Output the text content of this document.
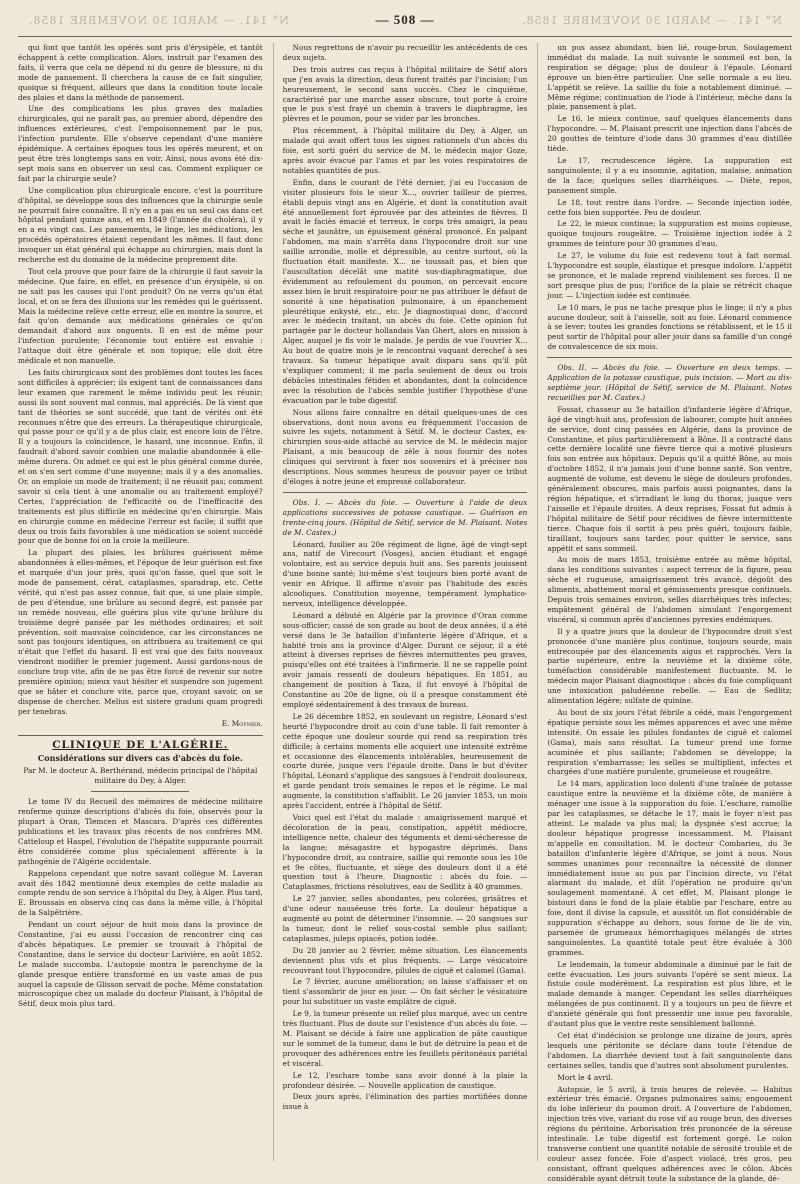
N° 141. — MARDI 30 NOVEMBRE 1858.	— 508 —	N° 141. — MARDI 30 NOVEMBRE 1858.

qui font que tantôt les opérés sont pris d'érysipèle, et tantôt échappent à cette complication. Alors, instruit par l'examen des faits, il verra que cela ne dépend ni du genre de blessure, ni du mode de pansement. Il cherchera la cause de ce fait singulier, quoique si fréquent, ailleurs que dans la condition toute locale des plaies et dans la méthode de pansement.

Une des complications les plus graves des maladies chirurgicales, qui ne paraît pas, au premier abord, dépendre des influences extérieures, c'est l'empoisonnement par le pus, l'infection purulente. Elle s'observe cependant d'une manière épidémique. A certaines époques tous les opérés meurent, et on peut être très longtemps sans en voir. Ainsi, nous avons été dix-sept mois sans en observer un seul cas. Comment expliquer ce fait par la chirurgie seule?

Une complication plus chirurgicale encore, c'est la pourriture d'hôpital, se développe sous des influences que la chirurgie seule ne pourrait faire connaître. Il n'y en a pas eu un seul cas dans cet hôpital pendant quinze ans, et en 1849 (l'année du choléra), il y en a eu vingt cas. Les pansements, le linge, les médications, les procédés opératoires étaient cependant les mêmes. Il faut donc invoquer un état général qui échappe au chirurgien, mais dont la recherche est du domaine de la médecine proprement dite.

Tout cela prouve que pour faire de la chirurgie il faut savoir la médecine. Que faire, en effet, en présence d'un érysipèle, si on ne sait pas les causes qui l'ont produit? On ne verra qu'un état local, et on se fera des illusions sur les remèdes qui le guérissent. Mais la médecine relève cette erreur, elle en montre la source, et fait qu'on demande aux médications générales ce qu'on demandait d'abord aux onguents. Il en est de même pour l'infection purulente; l'économie tout entière est envahie : l'attaque doit être générale et non topique; elle doit être médicale et non manuelle.

Les faits chirurgicaux sont des problèmes dont toutes les faces sont difficiles à apprécier; ils exigent tant de connaissances dans leur examen que rarement le même individu peut les réunir; aussi ils sont souvent mal connus, mal appréciés. De là vient que tant de théories se sont succédé, que tant de vérités ont été reconnues n'être que des erreurs. La thérapeutique chirurgicale, qui passe pour ce qu'il y a de plus clair, est encore loin de l'être. Il y a toujours la coïncidence, le hasard, une inconnue. Enfin, il faudrait d'abord savoir combien une maladie abandonnée à elle-même durera. On admet ce qui est le plus général comme durée, et on s'en sert comme d'une moyenne; mais il y a des anomalies. Or, on emploie un mode de traitement; il ne réussit pas; comment savoir si cela tient à une anomalie ou au traitement employé? Certes, l'appréciation de l'efficacité ou de l'inefficacité des traitements est plus difficile en médecine qu'en chirurgie. Mais en chirurgie comme en médecine l'erreur est facile; il suffit que deux ou trois faits favorables à une médication se soient succédé pour que de bonne foi on la croie la meilleure.

La plupart des plaies, les brûlures guérissent même abandonnées à elles-mêmes, et l'époque de leur guérison est fixe et marquée d'un jour près, quoi qu'on fasse, quel que soit le mode de pansement, cérat, cataplasmes, sparadrap, etc. Cette vérité, qui n'est pas assez connue, fait que, si une plaie simple, de peu d'étendue, une brûlure au second degré, est pansée par un remède nouveau, elle guérira plus vite qu'une brûlure du troisième degré pansée par les méthodes ordinaires; et soit prévention, soit mauvaise coïncidence, car les circonstances ne sont pas toujours identiques, on attribuera au traitement ce qui n'était que l'effet du hasard. Il est vrai que des faits nouveaux viendront modifier le premier jugement. Aussi gardons-nous de conclure trop vite, afin de ne pas être forcé de revenir sur notre première opinion; mieux vaut hésiter et suspendre son jugement que se hâter et conclure vite, parce que, croyant savoir, on se dispense de chercher. Melius est sistere gradum quam progredi per tenebras.

E. Moynier.
CLINIQUE DE L'ALGÉRIE.
Considérations sur divers cas d'abcès du foie.
Par M. le docteur A. Berthérand, médecin principal de l'hôpital militaire du Dey, à Alger.

Le tome IV du Recueil des mémoires de médecine militaire renferme quinze descriptions d'abcès du foie, observés pour la plupart à Oran, Tlemcen et Mascara. D'après ces différentes publications et les travaux plus récents de nos confrères MM. Catteloup et Haspel, l'évolution de l'hépatite suppurante pourrait être considérée comme plus spécialement afférente à la pathogénie de l'Algérie occidentale.

Rappelons cependant que notre savant collègue M. Laveran avait dès 1842 mentionné deux exemples de cette maladie au compte rendu de son service à l'hôpital du Dey, à Alger. Plus tard, E. Broussais en observa cinq cas dans la même ville, à l'hôpital de la Salpêtrière.

Pendant un court séjour de huit mois dans la province de Constantine, j'ai eu aussi l'occasion de rencontrer cinq cas d'abcès hépatiques. Le premier se trouvait à l'hôpital de Constantine, dans le service du docteur Larivière, en août 1852. Le malade succomba. L'autopsie montra le parenchyme de la glande presque entière transformé en un vaste amas de pus auquel la capsule de Glisson servait de poche. Même constatation microscopique chez un malade du docteur Plaisant, à l'hôpital de Sétif, deux mois plus tard.

Nous regrettons de n'avoir pu recueillir les antécédents de ces deux sujets.

Des trois autres cas reçus à l'hôpital militaire de Sétif alors que j'en avais la direction, deux furent traités par l'incision; l'un heureusement, le second sans succès. Chez le cinquième, caractérisé par une marche assez obscure, tout porte à croire que le pus s'est frayé un chemin à travers le diaphragme, les plèvres et le poumon, pour se vider par les bronches.

Plus récemment, à l'hôpital militaire du Dey, à Alger, un malade qui avait offert tous les signes rationnels d'un abcès du foie, est sorti guéri du service de M. le médecin major Goze, après avoir évacué par l'anus et par les voies respiratoires de notables quantités de pus.

Enfin, dans le courant de l'été dernier, j'ai eu l'occasion de visiter plusieurs fois le sieur X..., ouvrier tailleur de pierres, établi depuis vingt ans en Algérie, et dont la constitution avait été annuellement fort éprouvée par des atteintes de fièvres. Il avait le faciès émacié et terreux, le corps très amaigri, la peau sèche et jaunâtre, un épuisement général prononcé. En palpant l'abdomen, ma main s'arrêta dans l'hypocondre droit sur une saillie arrondie, molle et dépressible, au centre surtout, où la fluctuation était manifeste. X... ne toussait pas, et bien que l'auscultation décelât une matité sus-diaphragmatique, due évidemment au refoulement du poumon, on percevait encore assez bien le bruit respiratoire pour ne pas attribuer le défaut de sonorité à une hépatisation pulmonaire, à un épanchement pleurétique enkysté, etc., etc. Je diagnostiquai donc, d'accord avec le médecin traitant, un abcès du foie. Cette opinion fut partagée par le docteur hollandais Van Ghert, alors en mission à Alger, auquel je fis voir le malade. Je perdis de vue l'ouvrier X... Au bout de quatre mois je le rencontrai vaquant derechef à ses travaux. Sa tumeur hépatique avait disparu sans qu'il pût s'expliquer comment; il me parla seulement de deux ou trois débâcles intestinales fétides et abondantes, dont la coïncidence avec la résolution de l'abcès semble justifier l'hypothèse d'une évacuation par le tube digestif.

Nous allons faire connaître en détail quelques-unes de ces observations, dont nous avons eu fréquemment l'occasion de suivre les sujets, notamment à Sétif. M. le docteur Castex, ex-chirurgien sous-aide attaché au service de M. le médecin major Plaisant, a mis beaucoup de zèle à nous fournir des notes cliniques qui serviront à fixer nos souvenirs et à préciser nos descriptions. Nous sommes heureux de pouvoir payer ce tribut d'éloges à notre jeune et empressé collaborateur.

Obs. I. — Abcès du foie. — Ouverture à l'aide de deux applications successives de potasse caustique. — Guérison en trente-cinq jours. (Hôpital de Sétif, service de M. Plaisant. Notes de M. Castex.)

Léonard, fusilier au 20e régiment de ligne, âgé de vingt-sept ans, natif de Virecourt (Vosges), ancien étudiant et engagé volontaire, est au service depuis huit ans. Ses parents jouissent d'une bonne santé; lui-même s'est toujours bien porté avant de venir en Afrique. Il affirme n'avoir pas l'habitude des excès alcooliques. Constitution moyenne, tempérament lymphatico-nerveux, intelligence développée.

Léonard a débuté en Algérie par la province d'Oran comme sous-officier; cassé de son grade au bout de deux années, il a été versé dans le 3e bataillon d'infanterie légère d'Afrique, et a habité trois ans la province d'Alger. Durant ce séjour, il a été atteint à diverses reprises de fièvres intermittentes peu graves, puisqu'elles ont été traitées à l'infirmerie. Il ne se rappelle point avoir jamais ressenti de douleurs hépatiques. En 1851, au changement de position à Taza, il fut envoyé à l'hôpital de Constantine au 20e de ligne, où il a presque constamment été employé sédentairement à des travaux de bureau.

Le 26 décembre 1852, en soulevant un registre, Léonard s'est heurté l'hypocondre droit au coin d'une table. Il fait remonter à cette époque une douleur sourde qui rend sa respiration très difficile; à certains moments elle acquiert une intensité extrême et occasionne des élancements intolérables, heureusement de courte durée, jusque vers l'épaule droite. Dans le but d'éviter l'hôpital, Léonard s'applique des sangsues à l'endroit douloureux, et garde pendant trois semaines le repos et le régime. Le mal augmente, la constitution s'affaiblit. Le 26 janvier 1853, un mois après l'accident, entrée à l'hôpital de Sétif.

Voici quel est l'état du malade : amaigrissement marqué et décoloration de la peau, constipation, appétit médiocre, intelligence nette, chaleur des téguments et demi-sécheresse de la langue; mésagastre et hypogastre déprimés. Dans l'hypocondre droit, au contraire, saillie qui remonte sous les 10e et 9e côtes, fluctuante, et siège des douleurs dont il a été question tout à l'heure. Diagnostic : abcès du foie. — Cataplasmes, frictions résolutives, eau de Sedlitz à 40 grammes.

Le 27 janvier, selles abondantes, peu colorées, grisâtres et d'une odeur nauséeuse très forte. La douleur hépatique a augmenté au point de déterminer l'insomnie. — 20 sangsues sur la tumeur, dont le relief sous-costal semble plus saillant; cataplasmes, juleps opiacés, potion iodée.

Du 28 janvier au 2 février, même situation. Les élancements deviennent plus vifs et plus fréquents. — Large vésicatoire recouvrant tout l'hypocondre, pilules de ciguë et calomel (Gama).

Le 7 février, aucune amélioration; on laisse s'affaisser et on tient s'assombrir de jour en jour. — On fait sécher le vésicatoire pour lui substituer un vaste emplâtre de ciguë.

Le 9, la tumeur présente un relief plus marqué, avec un centre très fluctuant. Plus de doute sur l'existence d'un abcès du foie. — M. Plaisant se décide à faire une application de pâte caustique sur le sommet de la tumeur, dans le but de détruire la peau et de provoquer des adhérences entre les feuillets péritonéaux pariétal et viscéral.

Le 12, l'eschare tombe sans avoir donné à la plaie la profondeur désirée. — Nouvelle application de caustique.

Deux jours après, l'élimination des parties mortifiées donne issue à

un pus assez abondant, bien lié, rouge-brun. Soulagement immédiat du malade. La nuit suivante le sommeil est bon, la respiration se dégage; plus de douleur à l'épaule. Léonard éprouve un bien-être particulier. Une selle normale a eu lieu. L'appétit se relève. La saillie du foie a notablement diminué. — Même régime; continuation de l'iode à l'intérieur, mèche dans la plaie, pansement à plat.

Le 16, le mieux continue, sauf quelques élancements dans l'hypocondre. — M. Plaisant prescrit une injection dans l'abcès de 20 gouttes de teinture d'iode dans 30 grammes d'eau distillée tiède.

Le 17, recrudescence légère. La suppuration est sanguinolente; il y a eu insomnie, agitation, malaise, animation de la face; quelques selles diarrhéiques. — Diète, repos, pansement simple.

Le 18, tout rentre dans l'ordre. — Seconde injection iodée, cette fois bien supportée. Peu de douleur.

Le 22, le mieux continue; la suppuration est moins copieuse, quoique toujours rougeâtre. — Troisième injection iodée à 2 grammes de teinture pour 30 grammes d'eau.

Le 27, le volume du foie est redevenu tout à fait normal. L'hypocondre est souple, élastique et presque indolore. L'appétit se prononce, et le malade reprend visiblement ses forces. Il ne sort presque plus de pus; l'orifice de la plaie se rétrécit chaque jour. — L'injection iodée est continuée.

Le 10 mars, le pus ne tache presque plus le linge; il n'y a plus aucune douleur, soit à l'aisselle, soit au foie. Léonard commence à se lever; toutes les grandes fonctions se rétablissent, et le 15 il peut sortir de l'hôpital pour aller jouir dans sa famille d'un congé de convalescence de six mois.

Obs. II. — Abcès du foie. — Ouverture en deux temps. — Application de la potasse caustique, puis incision. — Mort au dix-septième jour. (Hôpital de Sétif, service de M. Plaisant. Notes recueillies par M. Castex.)

Fossat, chasseur au 3e bataillon d'infanterie légère d'Afrique, âgé de vingt-huit ans, profession de labourer, compte huit années de service, dont cinq passées en Algérie, dans la province de Constantine, et plus particulièrement à Bône. Il a contracté dans cette dernière localité une fièvre tierce qui a motivé plusieurs fois son entrée aux hôpitaux. Depuis qu'il a quitté Bône, au mois d'octobre 1852, il n'a jamais joui d'une bonne santé. Son ventre, augmenté de volume, est devenu le siège de douleurs profondes, généralement obscures, mais parfois aussi poignantes, dans la région hépatique, et s'irradiant le long du thorax, jusque vers l'aisselle et l'épaule droites. A deux reprises, Fossat fut admis à l'hôpital militaire de Sétif pour récidives de fièvre intermittente tierce. Chaque fois il sortit à peu près guéri, toujours faible, tiraillant, toujours sans tarder, pour quitter le service, sans appétit et sans sommeil.

Au mois de mars 1853, troisième entrée au même hôpital, dans les conditions suivantes : aspect terreux de la figure, peau sèche et rugueuse, amaigrissement très avancé, dégoût des aliments, abattement moral et gémissements presque continuels. Depuis trois semaines environ, selles diarrhéiques très infectes; empâtement général de l'abdomen simulant l'engorgement viscéral, si commun après d'anciennes pyrexies endémiques.

Il y a quatre jours que la douleur de l'hypocondre droit s'est prononcée d'une manière plus continue, toujours sourde, mais entrecoupée par des élancements aigus et rapprochés. Vers la partie supérieure, entre la neuvième et la dixième côte, tuméfaction considérable manifestement fluctuante. M. le médecin major Plaisant diagnostique : abcès du foie compliquant une intoxication paludéenne rebelle. — Eau de Sedlitz; alimentation légère; sulfate de quinine.

Au bout de six jours l'état fébrile a cédé, mais l'engorgement épatique persiste sous les mêmes apparences et avec une même intensité. On essaie les pilules fondantes de ciguë et calomel (Gama), mais sans résultat. La tumeur prend une forme acuminée et plus saillante; l'abdomen se développe; la respiration s'embarrasse; les selles se multiplient, infectes et chargées d'une matière purulente, grumeleuse et rougeâtre.

Le 14 mars, application loco dolenti d'une traînée de potasse caustique entre la neuvième et la dixième côte, de manière à ménager une issue à la suppuration du foie. L'eschare, ramollie par les cataplasmes, se détache le 17, mais le foyer n'est pas atteint. Le malade va plus mal; la dyspnée s'est accrue; la douleur hépatique progresse incessamment. M. Plaisant m'appelle en consultation. M. le docteur Combarieu, du 3e bataillon d'infanterie légère d'Afrique, se joint à nous. Nous sommes unanimes pour reconnaître la nécessité de donner immédiatement issue au pus par l'incision directe, vu l'état alarmant du malade, et dût l'opération ne produire qu'un soulagement momentané. A cet effet, M. Plaisant plonge le bistouri dans le fond de la plaie établie par l'eschare, entre au foie, dont il divise la capsule, et aussitôt un flot considérable de suppuration s'échappe au dehors, sous forme de lie de vin, parsemée de grumeaux hémorrhagiques mélangés de stries sanguinolentes. La quantité totale peut être évaluée à 300 grammes.

Le lendemain, la tumeur abdominale a diminué par le fait de cette évacuation. Les jours suivants l'opéré se sent mieux. La fistule coule modérément. La respiration est plus libre, et le malade demande à manger. Cependant les selles diarrhéiques mélangées de pus continuent. Il y a toujours un peu de fièvre et d'anxiété générale qui font pressentir une issue peu favorable, d'autant plus que le ventre reste sensiblement ballonné.

Cet état d'indécision se prolonge une dizaine de jours, après lesquels une péritonite se déclare dans toute l'étendue de l'abdomen. La diarrhée devient tout à fait sanguinolente dans certaines selles, tandis que d'autres sont absolument purulentes.

Mort le 4 avril.

Autopsie, le 5 avril, à trois heures de relevée. — Habitus extérieur très émacié. Organes pulmonaires sains; engouement du lobe inférieur du poumon droit. A l'ouverture de l'abdomen, injection très vive, variant du rose vif au rouge brun, des diverses régions du péritoine. Arborisation très prononcée de la séreuse intestinale. Le tube digestif est fortement gorgé. Le colon transverse contient une quantité notable de sérosité trouble et de couleur assez foncée. Foie d'aspect violacé, très gros, peu consistant, offrant quelques adhérences avec le côlon. Abcès considérable ayant détruit toute la substance de la glande, dé-
